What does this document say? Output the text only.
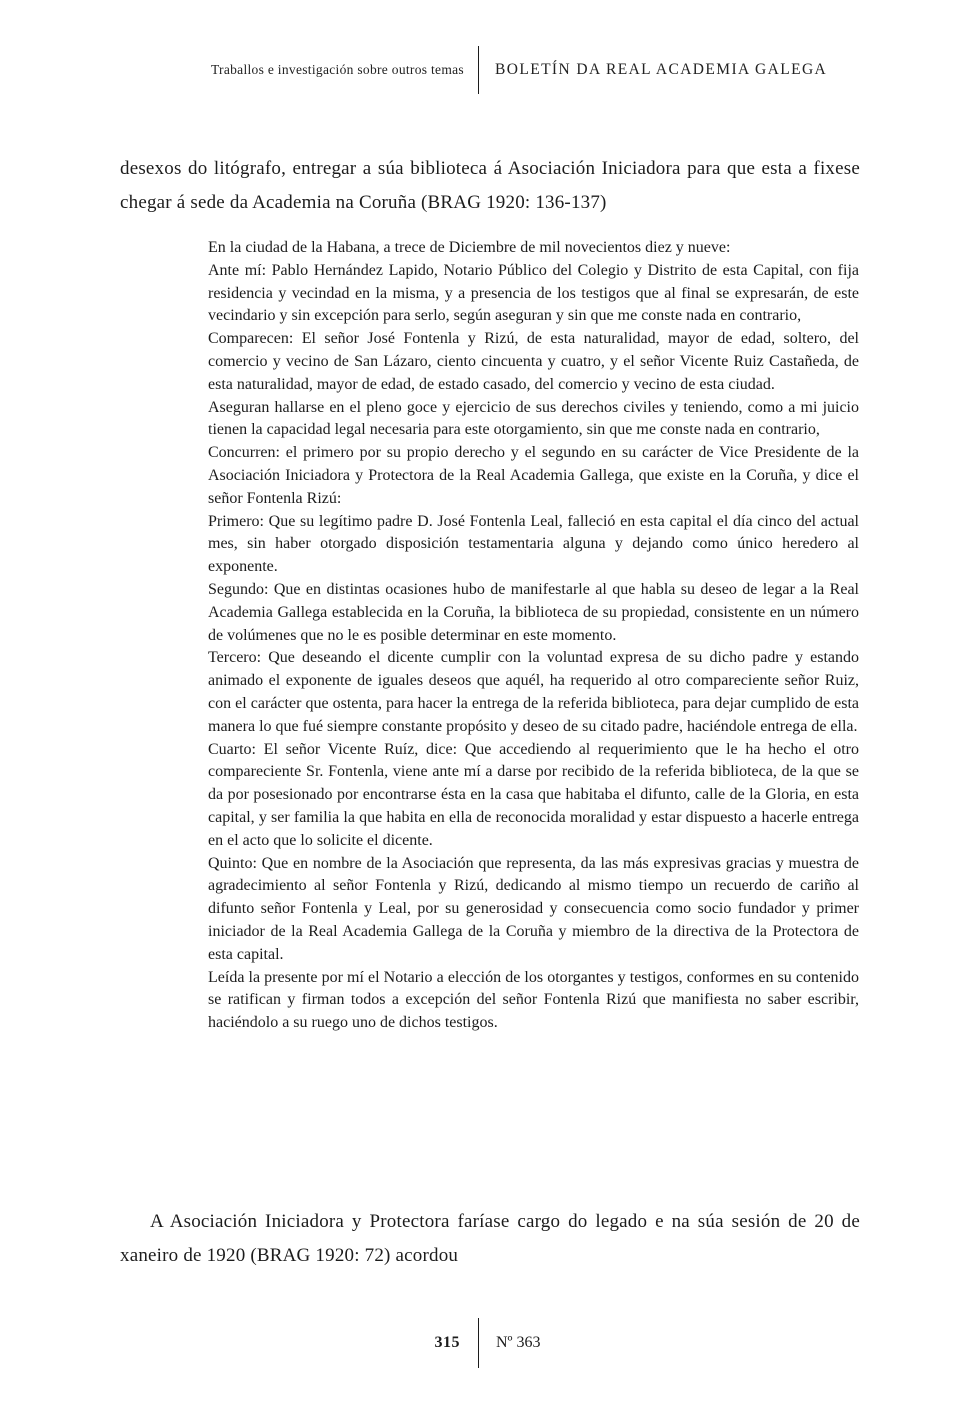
Traballos e investigación sobre outros temas	BOLETÍN DA REAL ACADEMIA GALEGA
desexos do litógrafo, entregar a súa biblioteca á Asociación Iniciadora para que esta a fixese chegar á sede da Academia na Coruña (BRAG 1920: 136-137)

En la ciudad de la Habana, a trece de Diciembre de mil novecientos diez y nueve:

Ante mí: Pablo Hernández Lapido, Notario Público del Colegio y Distrito de esta Capital, con fija residencia y vecindad en la misma, y a presencia de los testigos que al final se expresarán, de este vecindario y sin excepción para serlo, según aseguran y sin que me conste nada en contrario,

Comparecen: El señor José Fontenla y Rizú, de esta naturalidad, mayor de edad, soltero, del comercio y vecino de San Lázaro, ciento cincuenta y cuatro, y el señor Vicente Ruiz Castañeda, de esta naturalidad, mayor de edad, de estado casado, del comercio y vecino de esta ciudad.

Aseguran hallarse en el pleno goce y ejercicio de sus derechos civiles y teniendo, como a mi juicio tienen la capacidad legal necesaria para este otorgamiento, sin que me conste nada en contrario,

Concurren: el primero por su propio derecho y el segundo en su carácter de Vice Presidente de la Asociación Iniciadora y Protectora de la Real Academia Gallega, que existe en la Coruña, y dice el señor Fontenla Rizú:

Primero: Que su legítimo padre D. José Fontenla Leal, falleció en esta capital el día cinco del actual mes, sin haber otorgado disposición testamentaria alguna y dejando como único heredero al exponente.

Segundo: Que en distintas ocasiones hubo de manifestarle al que habla su deseo de legar a la Real Academia Gallega establecida en la Coruña, la biblioteca de su propiedad, consistente en un número de volúmenes que no le es posible determinar en este momento.

Tercero: Que deseando el dicente cumplir con la voluntad expresa de su dicho padre y estando animado el exponente de iguales deseos que aquél, ha requerido al otro compareciente señor Ruiz, con el carácter que ostenta, para hacer la entrega de la referida biblioteca, para dejar cumplido de esta manera lo que fué siempre constante propósito y deseo de su citado padre, haciéndole entrega de ella.

Cuarto: El señor Vicente Ruíz, dice: Que accediendo al requerimiento que le ha hecho el otro compareciente Sr. Fontenla, viene ante mí a darse por recibido de la referida biblioteca, de la que se da por posesionado por encontrarse ésta en la casa que habitaba el difunto, calle de la Gloria, en esta capital, y ser familia la que habita en ella de reconocida moralidad y estar dispuesto a hacerle entrega en el acto que lo solicite el dicente.

Quinto: Que en nombre de la Asociación que representa, da las más expresivas gracias y muestra de agradecimiento al señor Fontenla y Rizú, dedicando al mismo tiempo un recuerdo de cariño al difunto señor Fontenla y Leal, por su generosidad y consecuencia como socio fundador y primer iniciador de la Real Academia Gallega de la Coruña y miembro de la directiva de la Protectora de esta capital.

Leída la presente por mí el Notario a elección de los otorgantes y testigos, conformes en su contenido se ratifican y firman todos a excepción del señor Fontenla Rizú que manifiesta no saber escribir, haciéndolo a su ruego uno de dichos testigos.

A Asociación Iniciadora y Protectora faríase cargo do legado e na súa sesión de 20 de xaneiro de 1920 (BRAG 1920: 72) acordou
315	Nº 363
